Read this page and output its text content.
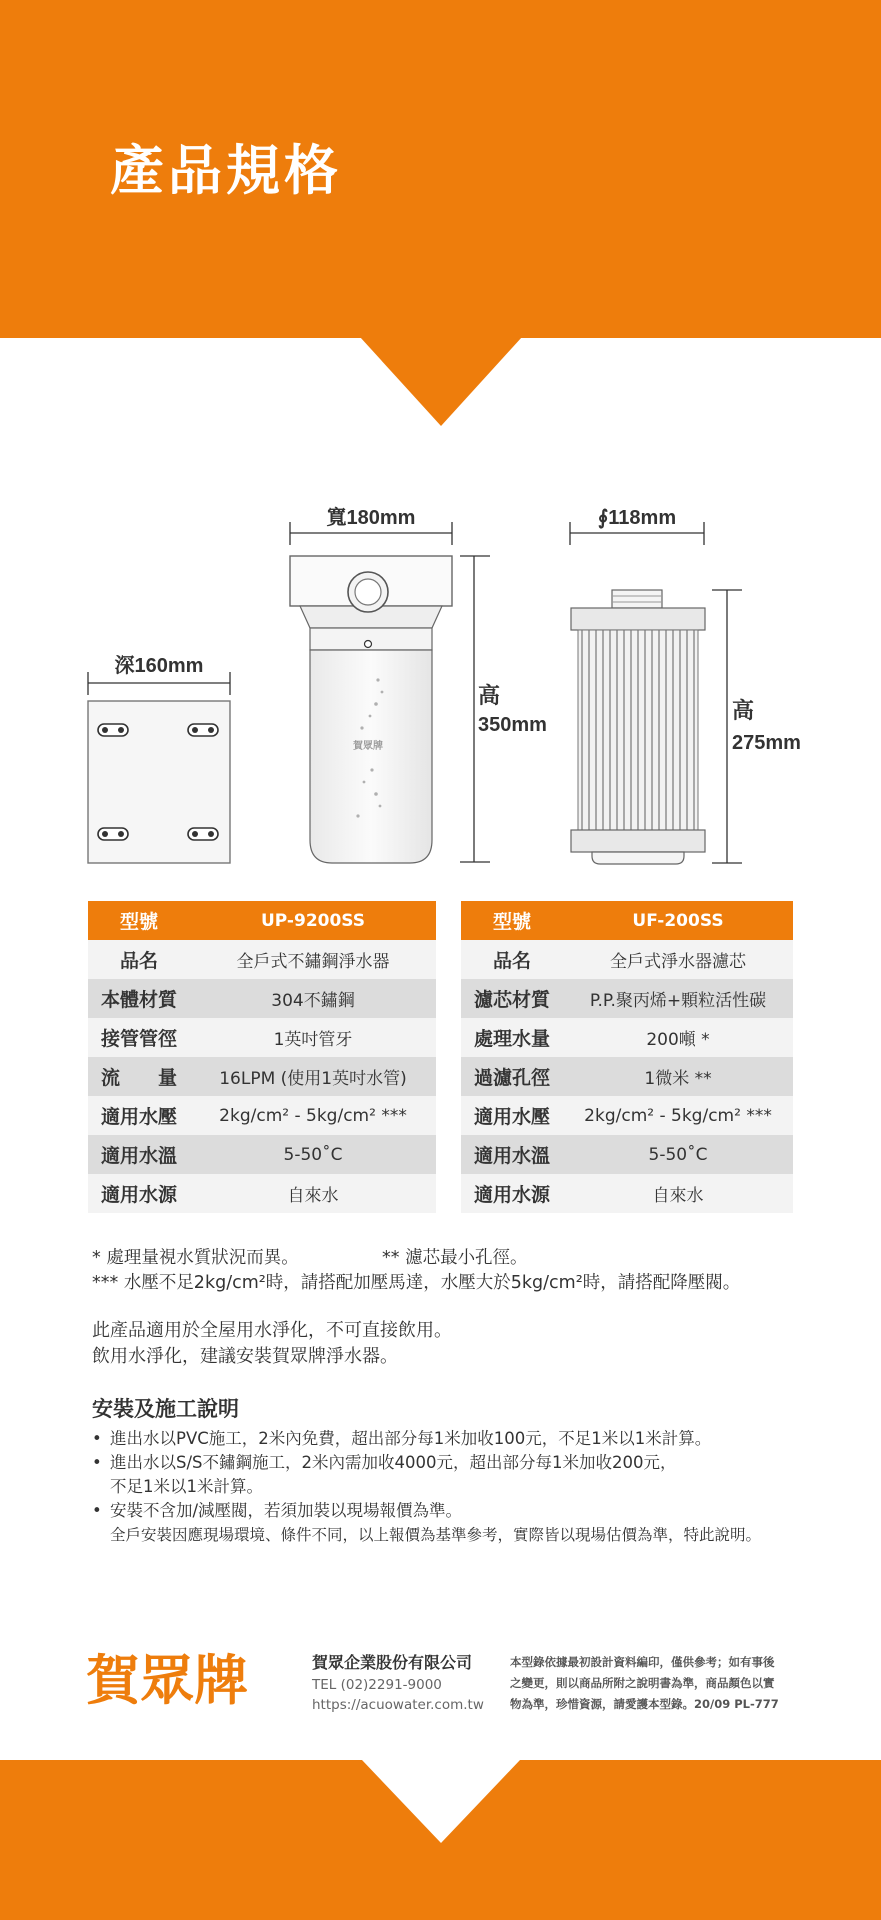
產品規格
寬180mm	∮118mm
深160mm
賀眾牌
高
350mm
高
275mm
型號	UP-9200SS
品名	全戶式不鏽鋼淨水器
本體材質	304不鏽鋼
接管管徑	1英吋管牙
流　　量	16LPM (使用1英吋水管)
適用水壓	2kg/cm² - 5kg/cm² ***
適用水溫	5-50˚C
適用水源	自來水
型號	UF-200SS
品名	全戶式淨水器濾芯
濾芯材質	P.P.聚丙烯+顆粒活性碳
處理水量	200噸 *
過濾孔徑	1微米 **
適用水壓	2kg/cm² - 5kg/cm² ***
適用水溫	5-50˚C
適用水源	自來水
* 處理量視水質狀況而異。	** 濾芯最小孔徑。
*** 水壓不足2kg/cm²時，請搭配加壓馬達，水壓大於5kg/cm²時，請搭配降壓閥。
此產品適用於全屋用水淨化，不可直接飲用。
飲用水淨化，建議安裝賀眾牌淨水器。
安裝及施工說明
• 進出水以PVC施工，2米內免費，超出部分每1米加收100元，不足1米以1米計算。
• 進出水以S/S不鏽鋼施工，2米內需加收4000元，超出部分每1米加收200元，
不足1米以1米計算。
• 安裝不含加/減壓閥，若須加裝以現場報價為準。
全戶安裝因應現場環境、條件不同，以上報價為基準參考，實際皆以現場估價為準，特此說明。
賀眾牌	賀眾企業股份有限公司
TEL (02)2291-9000
https://acuowater.com.tw
本型錄依據最初設計資料編印，僅供參考；如有事後
之變更，則以商品所附之說明書為準，商品顏色以實
物為準，珍惜資源，請愛護本型錄。20/09 PL-777
